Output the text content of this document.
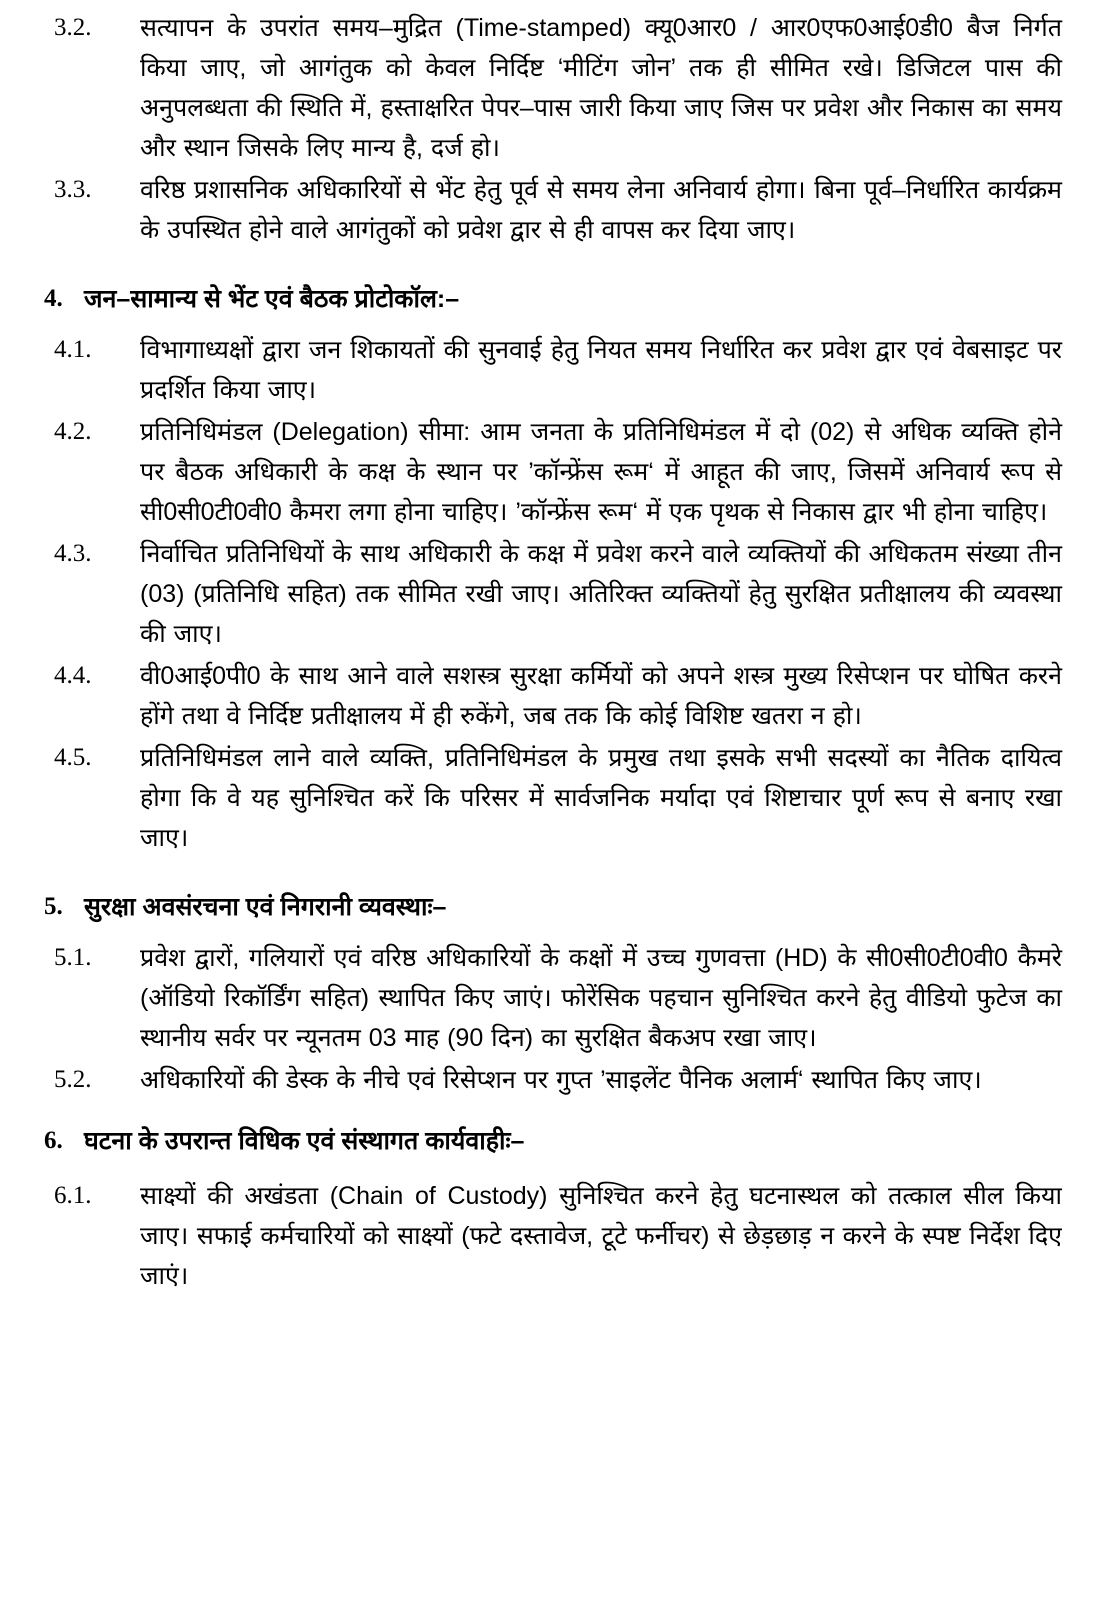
3.2.	सत्यापन के उपरांत समय–मुद्रित (Time-stamped) क्यू0आर0 / आर0एफ0आई0डी0 बैज निर्गत किया जाए, जो आगंतुक को केवल निर्दिष्ट ‘मीटिंग जोन’ तक ही सीमित रखे। डिजिटल पास की अनुपलब्धता की स्थिति में, हस्ताक्षरित पेपर–पास जारी किया जाए जिस पर प्रवेश और निकास का समय और स्थान जिसके लिए मान्य है, दर्ज हो।
3.3.	वरिष्ठ प्रशासनिक अधिकारियों से भेंट हेतु पूर्व से समय लेना अनिवार्य होगा। बिना पूर्व–निर्धारित कार्यक्रम के उपस्थित होने वाले आगंतुकों को प्रवेश द्वार से ही वापस कर दिया जाए।
4. जन–सामान्य से भेंट एवं बैठक प्रोटोकॉल:–
4.1.	विभागाध्यक्षों द्वारा जन शिकायतों की सुनवाई हेतु नियत समय निर्धारित कर प्रवेश द्वार एवं वेबसाइट पर प्रदर्शित किया जाए।
4.2.	प्रतिनिधिमंडल (Delegation) सीमा: आम जनता के प्रतिनिधिमंडल में दो (02) से अधिक व्यक्ति होने पर बैठक अधिकारी के कक्ष के स्थान पर ’कॉन्फ्रेंस रूम‘ में आहूत की जाए, जिसमें अनिवार्य रूप से सी0सी0टी0वी0 कैमरा लगा होना चाहिए। ’कॉन्फ्रेंस रूम‘ में एक पृथक से निकास द्वार भी होना चाहिए।
4.3.	निर्वाचित प्रतिनिधियों के साथ अधिकारी के कक्ष में प्रवेश करने वाले व्यक्तियों की अधिकतम संख्या तीन (03) (प्रतिनिधि सहित) तक सीमित रखी जाए। अतिरिक्त व्यक्तियों हेतु सुरक्षित प्रतीक्षालय की व्यवस्था की जाए।
4.4.	वी0आई0पी0 के साथ आने वाले सशस्त्र सुरक्षा कर्मियों को अपने शस्त्र मुख्य रिसेप्शन पर घोषित करने होंगे तथा वे निर्दिष्ट प्रतीक्षालय में ही रुकेंगे, जब तक कि कोई विशिष्ट खतरा न हो।
4.5.	प्रतिनिधिमंडल लाने वाले व्यक्ति, प्रतिनिधिमंडल के प्रमुख तथा इसके सभी सदस्यों का नैतिक दायित्व होगा कि वे यह सुनिश्चित करें कि परिसर में सार्वजनिक मर्यादा एवं शिष्टाचार पूर्ण रूप से बनाए रखा जाए।
5. सुरक्षा अवसंरचना एवं निगरानी व्यवस्थाः–
5.1.	प्रवेश द्वारों, गलियारों एवं वरिष्ठ अधिकारियों के कक्षों में उच्च गुणवत्ता (HD) के सी0सी0टी0वी0 कैमरे (ऑडियो रिकॉर्डिंग सहित) स्थापित किए जाएं। फोरेंसिक पहचान सुनिश्चित करने हेतु वीडियो फुटेज का स्थानीय सर्वर पर न्यूनतम 03 माह (90 दिन) का सुरक्षित बैकअप रखा जाए।
5.2.	अधिकारियों की डेस्क के नीचे एवं रिसेप्शन पर गुप्त ’साइलेंट पैनिक अलार्म‘ स्थापित किए जाए।
6. घटना के उपरान्त विधिक एवं संस्थागत कार्यवाहीः–
6.1.	साक्ष्यों की अखंडता (Chain of Custody) सुनिश्चित करने हेतु घटनास्थल को तत्काल सील किया जाए। सफाई कर्मचारियों को साक्ष्यों (फटे दस्तावेज, टूटे फर्नीचर) से छेड़छाड़ न करने के स्पष्ट निर्देश दिए जाएं।
